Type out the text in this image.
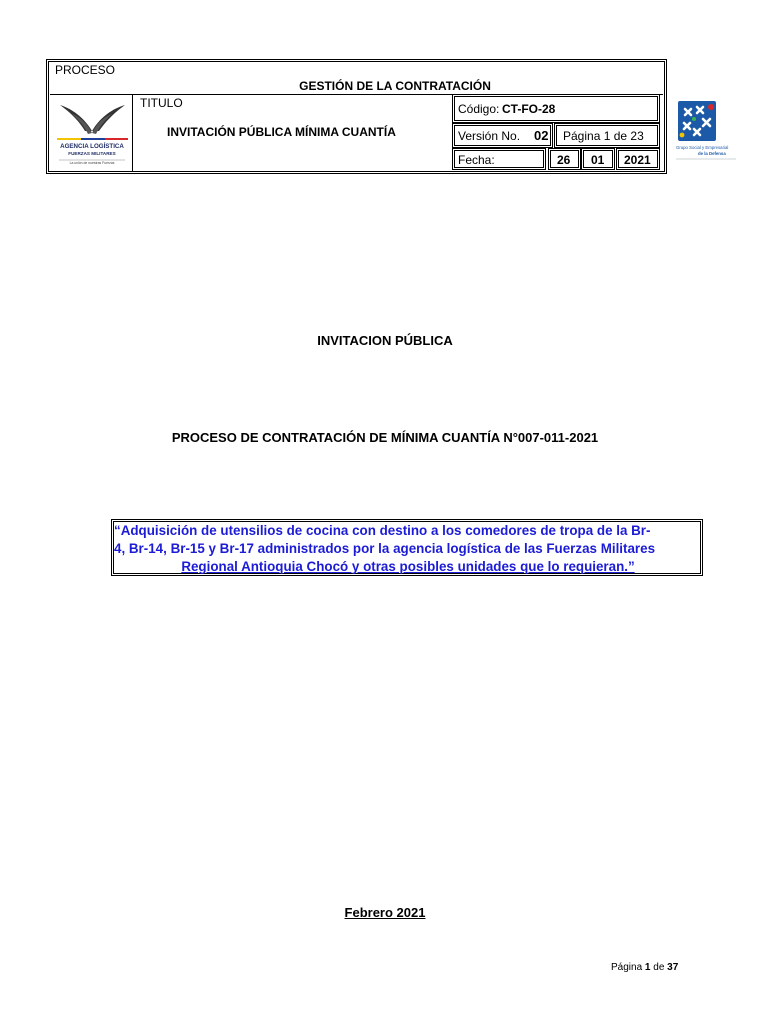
PROCESO
GESTIÓN DE LA CONTRATACIÓN
TITULO
INVITACIÓN PÚBLICA MÍNIMA CUANTÍA
Código: CT-FO-28
Versión No. 02 Página 1 de 23
Fecha:	26 01 2021
AGENCIA LOGÍSTICA
FUERZAS MILITARES
La unión de nuestras Fuerzas
Grupo Social y Empresarial
de la Defensa
INVITACION PÚBLICA
PROCESO DE CONTRATACIÓN DE MÍNIMA CUANTÍA N°007-011-2021
“Adquisición de utensilios de cocina con destino a los comedores de tropa de la Br-
4, Br-14, Br-15 y Br-17 administrados por la agencia logística de las Fuerzas Militares
Regional Antioquia Chocó y otras posibles unidades que lo requieran.”
Febrero 2021
Página 1 de 37
